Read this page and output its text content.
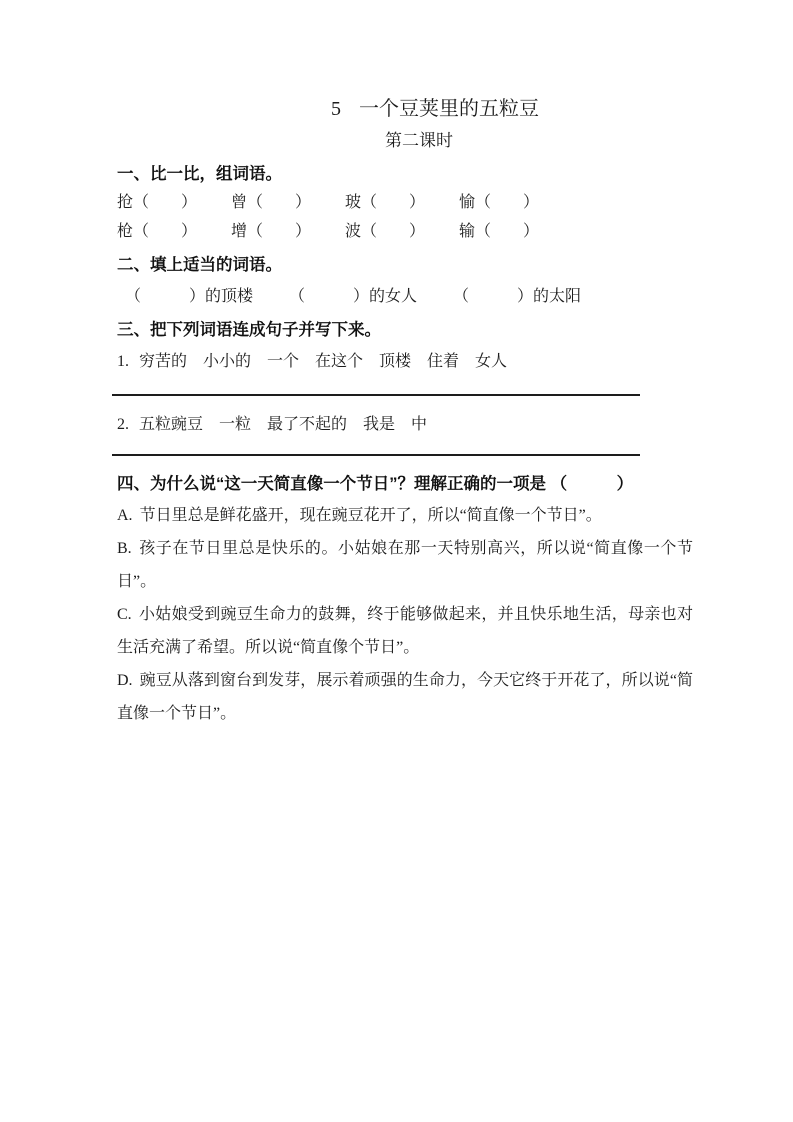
5 一个豆荚里的五粒豆
第二课时
一、比一比，组词语。
抢（　　） 曾（　　） 玻（　　） 愉（　　）
枪（　　） 增（　　） 波（　　） 输（　　）
二、填上适当的词语。
（　　　）的顶楼 （　　　）的女人 （　　　）的太阳
三、把下列词语连成句子并写下来。
1. 穷苦的　小小的　一个　在这个　顶楼　住着　女人
2. 五粒豌豆　一粒　最了不起的　我是　中
四、为什么说“这一天简直像一个节日”？理解正确的一项是 （　　　）

A. 节日里总是鲜花盛开，现在豌豆花开了，所以“简直像一个节日”。

B. 孩子在节日里总是快乐的。小姑娘在那一天特别高兴，所以说“简直像一个节日”。

C. 小姑娘受到豌豆生命力的鼓舞，终于能够做起来，并且快乐地生活，母亲也对生活充满了希望。所以说“简直像个节日”。

D. 豌豆从落到窗台到发芽，展示着顽强的生命力，今天它终于开花了，所以说“简直像一个节日”。
